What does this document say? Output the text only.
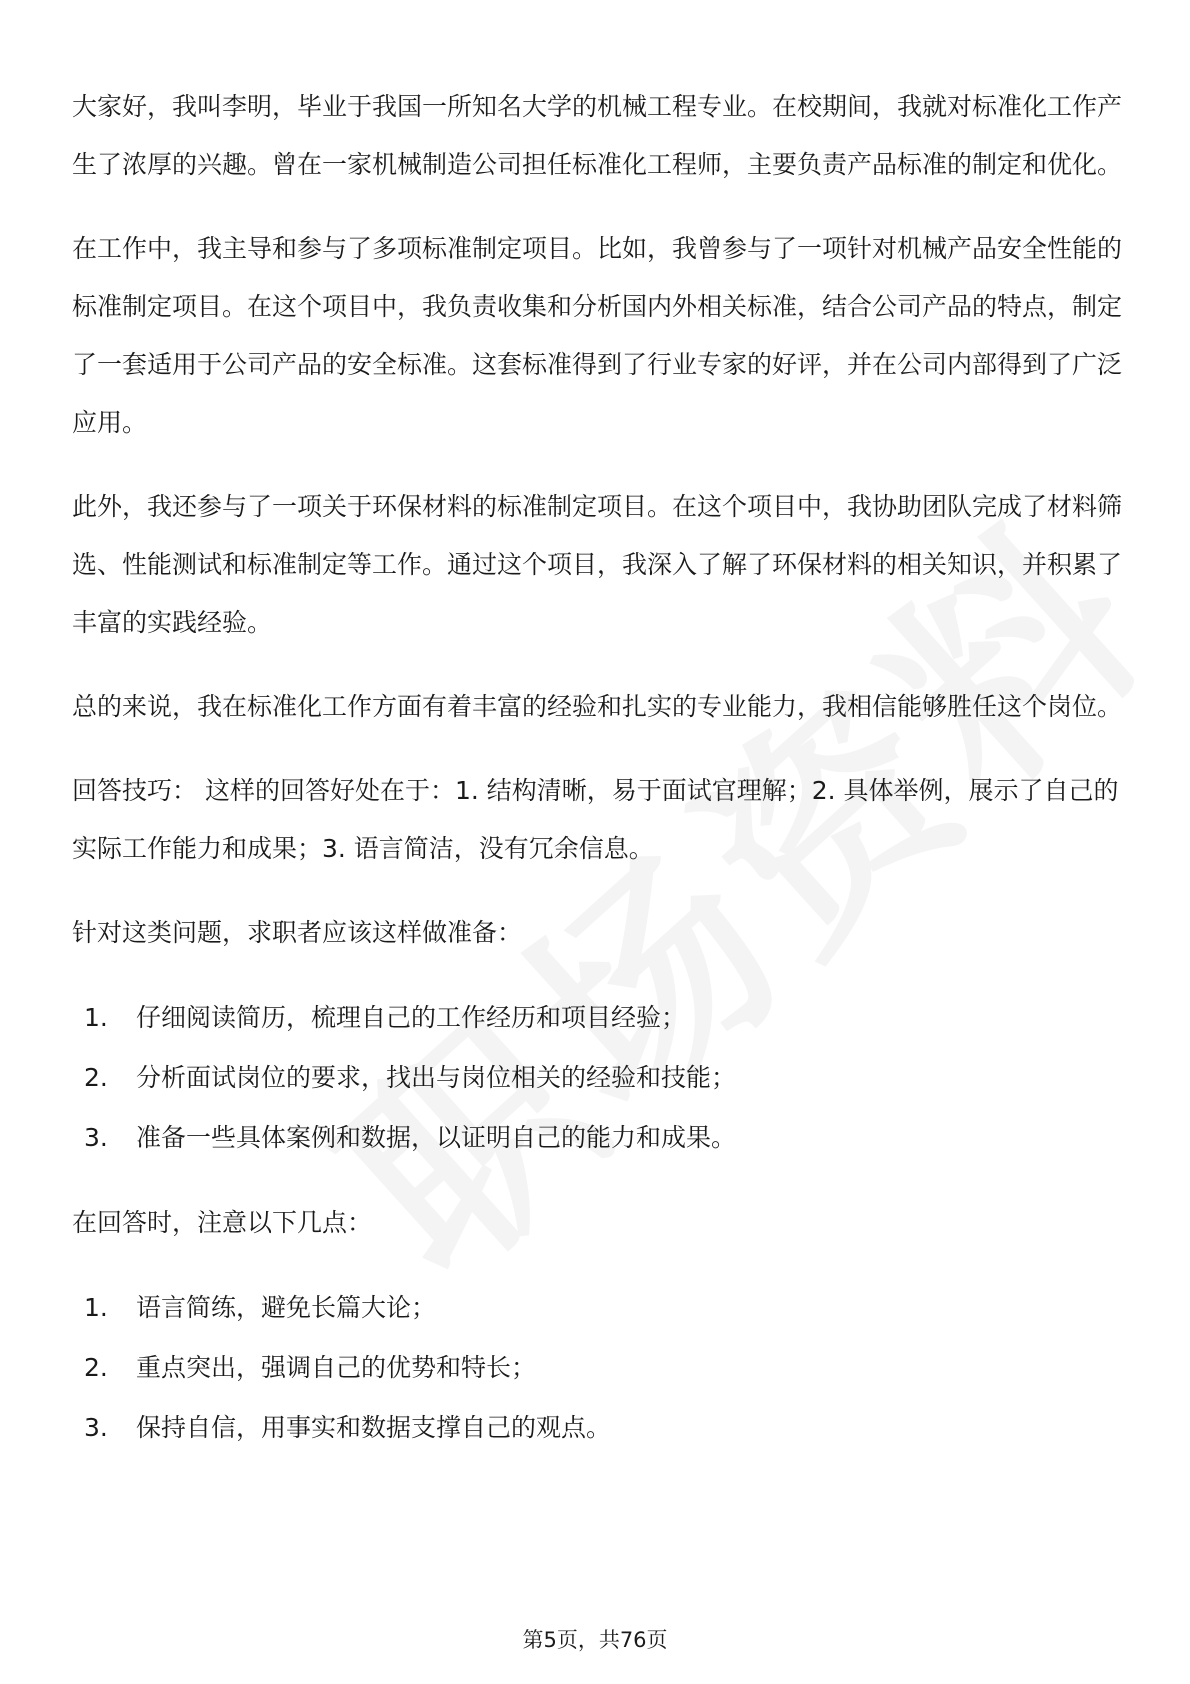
大家好，我叫李明，毕业于我国一所知名大学的机械工程专业。在校期间，我就对标准化工作产生了浓厚的兴趣。曾在一家机械制造公司担任标准化工程师，主要负责产品标准的制定和优化。

在工作中，我主导和参与了多项标准制定项目。比如，我曾参与了一项针对机械产品安全性能的标准制定项目。在这个项目中，我负责收集和分析国内外相关标准，结合公司产品的特点，制定了一套适用于公司产品的安全标准。这套标准得到了行业专家的好评，并在公司内部得到了广泛应用。

此外，我还参与了一项关于环保材料的标准制定项目。在这个项目中，我协助团队完成了材料筛选、性能测试和标准制定等工作。通过这个项目，我深入了解了环保材料的相关知识，并积累了丰富的实践经验。

总的来说，我在标准化工作方面有着丰富的经验和扎实的专业能力，我相信能够胜任这个岗位。

回答技巧： 这样的回答好处在于：1. 结构清晰，易于面试官理解；2. 具体举例，展示了自己的实际工作能力和成果；3. 语言简洁，没有冗余信息。

针对这类问题，求职者应该这样做准备：

1.	仔细阅读简历，梳理自己的工作经历和项目经验；
2.	分析面试岗位的要求，找出与岗位相关的经验和技能；
3.	准备一些具体案例和数据，以证明自己的能力和成果。

在回答时，注意以下几点：

1.	语言简练，避免长篇大论；
2.	重点突出，强调自己的优势和特长；
3.	保持自信，用事实和数据支撑自己的观点。
第5页，共76页
